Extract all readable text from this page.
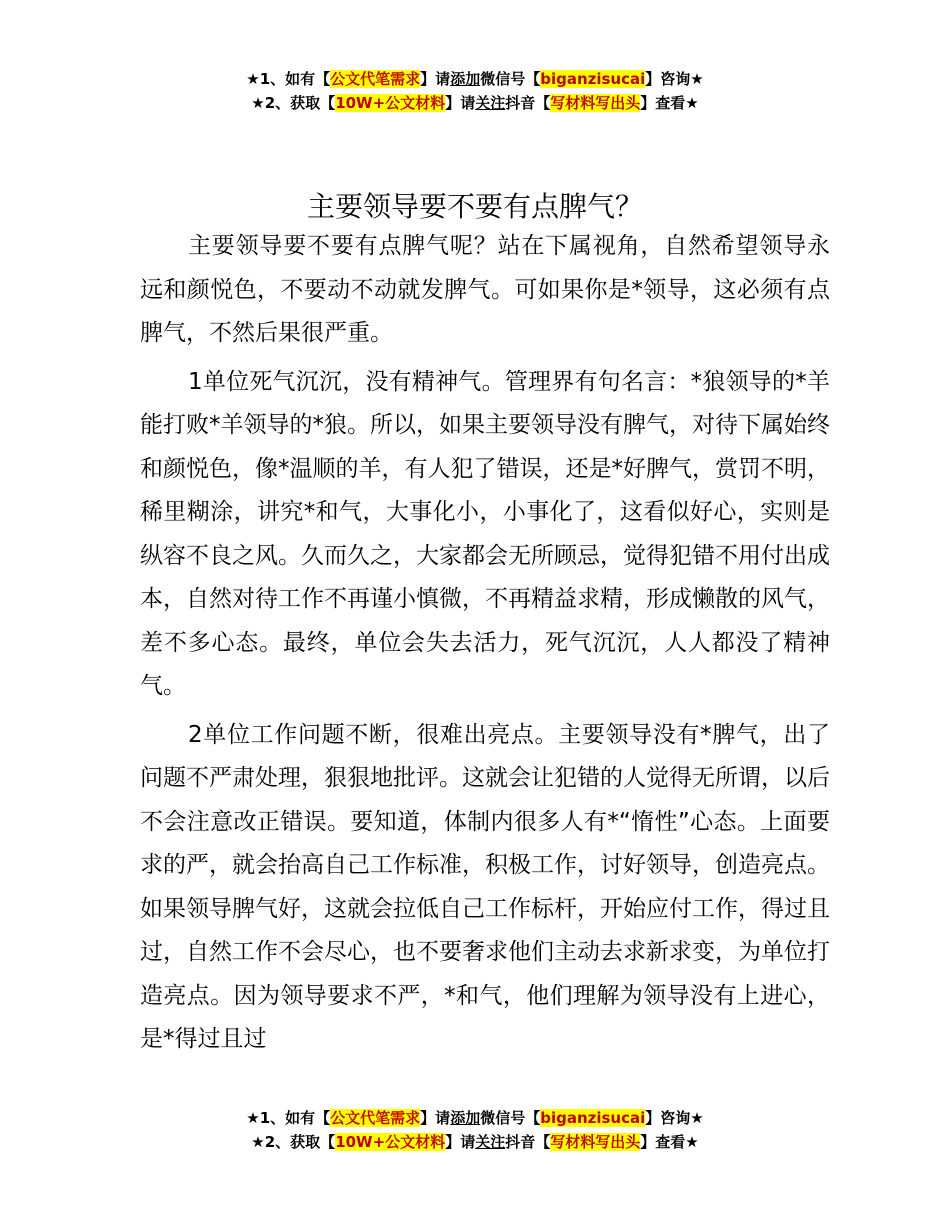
★1、如有【公文代笔需求】请添加微信号【biganzisucai】咨询★
★2、获取【10W+公文材料】请关注抖音【写材料写出头】查看★
主要领导要不要有点脾气？

主要领导要不要有点脾气呢？站在下属视角，自然希望领导永远和颜悦色，不要动不动就发脾气。可如果你是*领导，这必须有点脾气，不然后果很严重。

1单位死气沉沉，没有精神气。管理界有句名言：*狼领导的*羊能打败*羊领导的*狼。所以，如果主要领导没有脾气，对待下属始终和颜悦色，像*温顺的羊，有人犯了错误，还是*好脾气，赏罚不明，稀里糊涂，讲究*和气，大事化小，小事化了，这看似好心，实则是纵容不良之风。久而久之，大家都会无所顾忌，觉得犯错不用付出成本，自然对待工作不再谨小慎微，不再精益求精，形成懒散的风气，差不多心态。最终，单位会失去活力，死气沉沉，人人都没了精神气。

2单位工作问题不断，很难出亮点。主要领导没有*脾气，出了问题不严肃处理，狠狠地批评。这就会让犯错的人觉得无所谓，以后不会注意改正错误。要知道，体制内很多人有*“惰性”心态。上面要求的严，就会抬高自己工作标准，积极工作，讨好领导，创造亮点。如果领导脾气好，这就会拉低自己工作标杆，开始应付工作，得过且过，自然工作不会尽心，也不要奢求他们主动去求新求变，为单位打造亮点。因为领导要求不严，*和气，他们理解为领导没有上进心，是*得过且过

★1、如有【公文代笔需求】请添加微信号【biganzisucai】咨询★
★2、获取【10W+公文材料】请关注抖音【写材料写出头】查看★
